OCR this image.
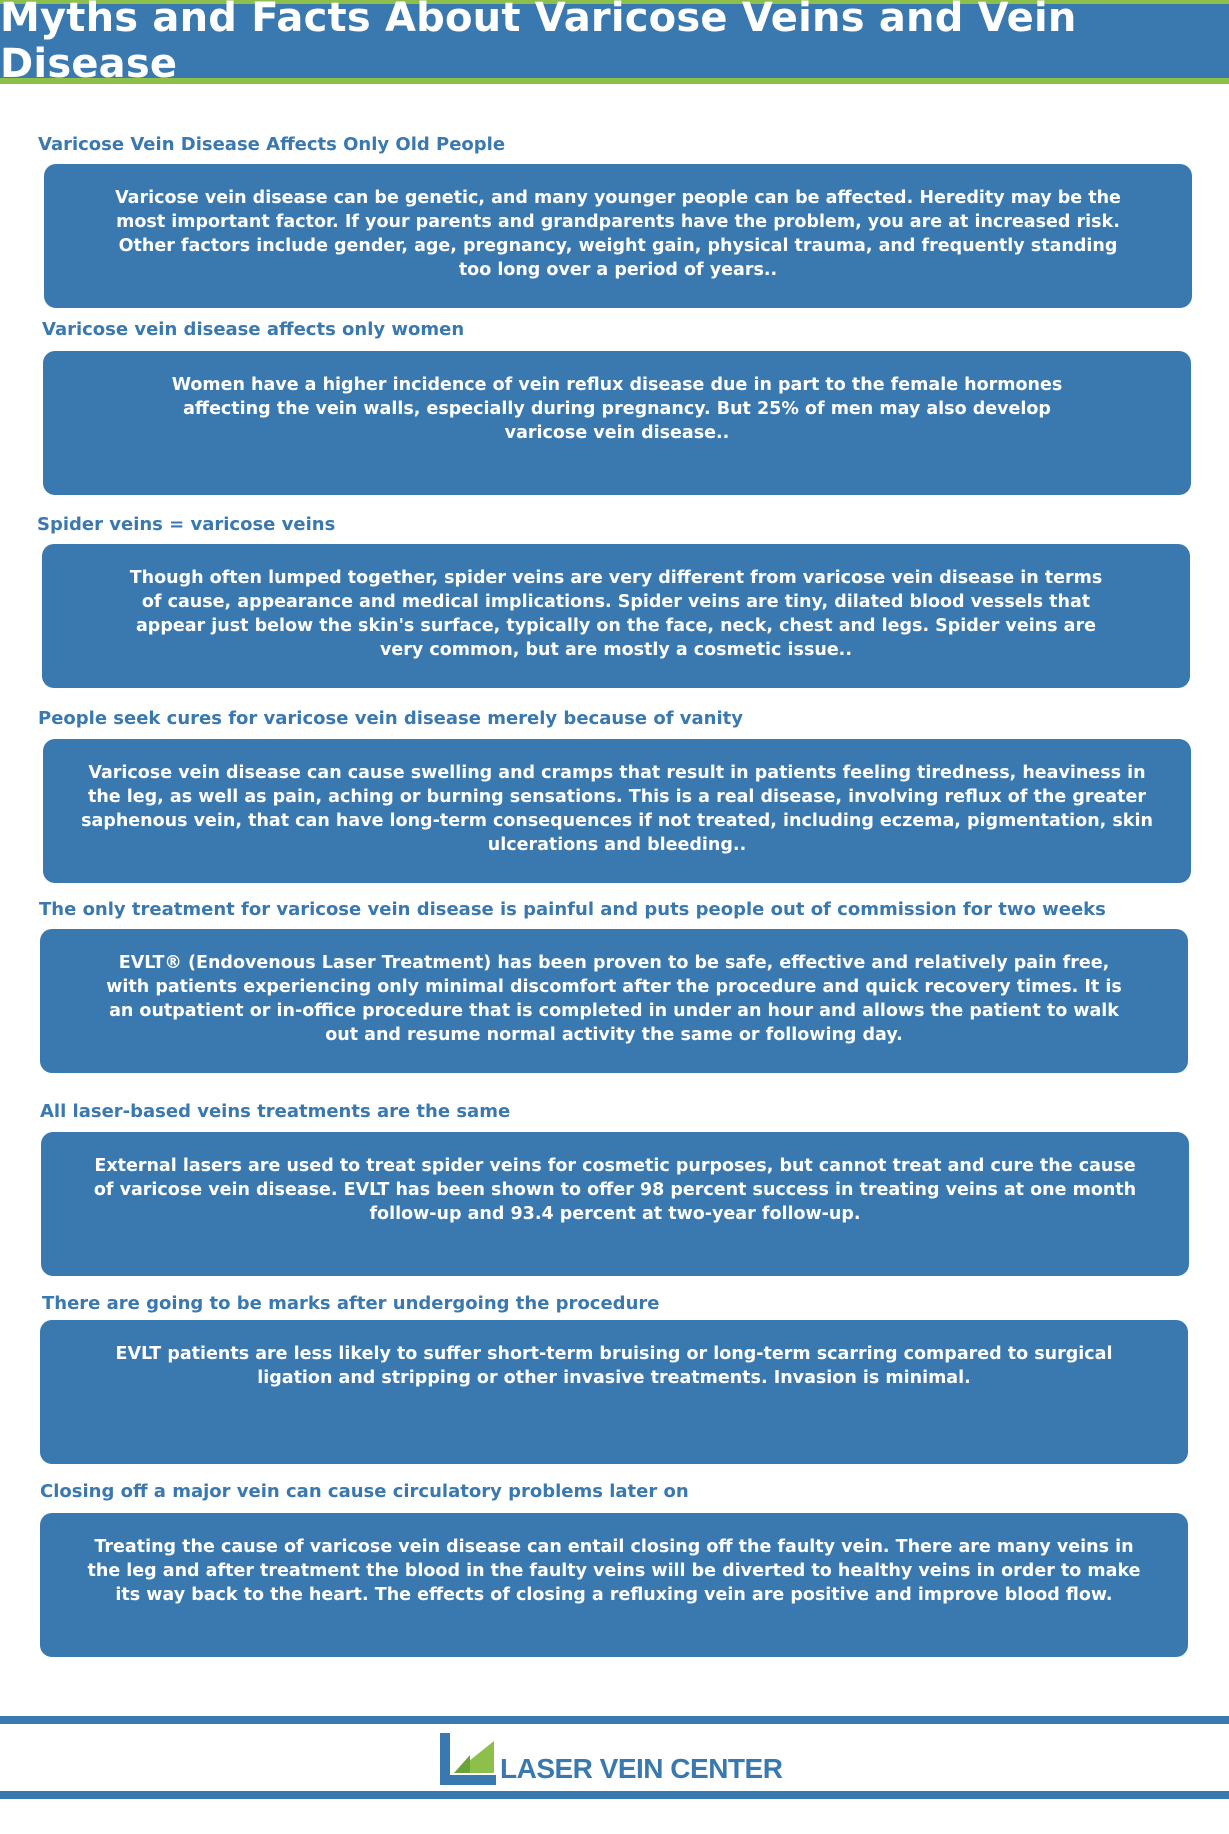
Myths and Facts About Varicose Veins and Vein Disease

Varicose Vein Disease Affects Only Old People

Varicose vein disease can be genetic, and many younger people can be affected. Heredity may be the most important factor. If your parents and grandparents have the problem, you are at increased risk. Other factors include gender, age, pregnancy, weight gain, physical trauma, and frequently standing too long over a period of years..

Varicose vein disease affects only women

Women have a higher incidence of vein reflux disease due in part to the female hormones affecting the vein walls, especially during pregnancy. But 25% of men may also develop varicose vein disease..

Spider veins = varicose veins

Though often lumped together, spider veins are very different from varicose vein disease in terms of cause, appearance and medical implications. Spider veins are tiny, dilated blood vessels that appear just below the skin's surface, typically on the face, neck, chest and legs. Spider veins are very common, but are mostly a cosmetic issue..

People seek cures for varicose vein disease merely because of vanity

Varicose vein disease can cause swelling and cramps that result in patients feeling tiredness, heaviness in the leg, as well as pain, aching or burning sensations. This is a real disease, involving reflux of the greater saphenous vein, that can have long-term consequences if not treated, including eczema, pigmentation, skin ulcerations and bleeding..

The only treatment for varicose vein disease is painful and puts people out of commission for two weeks

EVLT® (Endovenous Laser Treatment) has been proven to be safe, effective and relatively pain free, with patients experiencing only minimal discomfort after the procedure and quick recovery times. It is an outpatient or in-office procedure that is completed in under an hour and allows the patient to walk out and resume normal activity the same or following day.

All laser-based veins treatments are the same

External lasers are used to treat spider veins for cosmetic purposes, but cannot treat and cure the cause of varicose vein disease. EVLT has been shown to offer 98 percent success in treating veins at one month follow-up and 93.4 percent at two-year follow-up.

There are going to be marks after undergoing the procedure

EVLT patients are less likely to suffer short-term bruising or long-term scarring compared to surgical ligation and stripping or other invasive treatments. Invasion is minimal.

Closing off a major vein can cause circulatory problems later on

Treating the cause of varicose vein disease can entail closing off the faulty vein. There are many veins in the leg and after treatment the blood in the faulty veins will be diverted to healthy veins in order to make its way back to the heart. The effects of closing a refluxing vein are positive and improve blood flow.
LASER VEIN CENTER
